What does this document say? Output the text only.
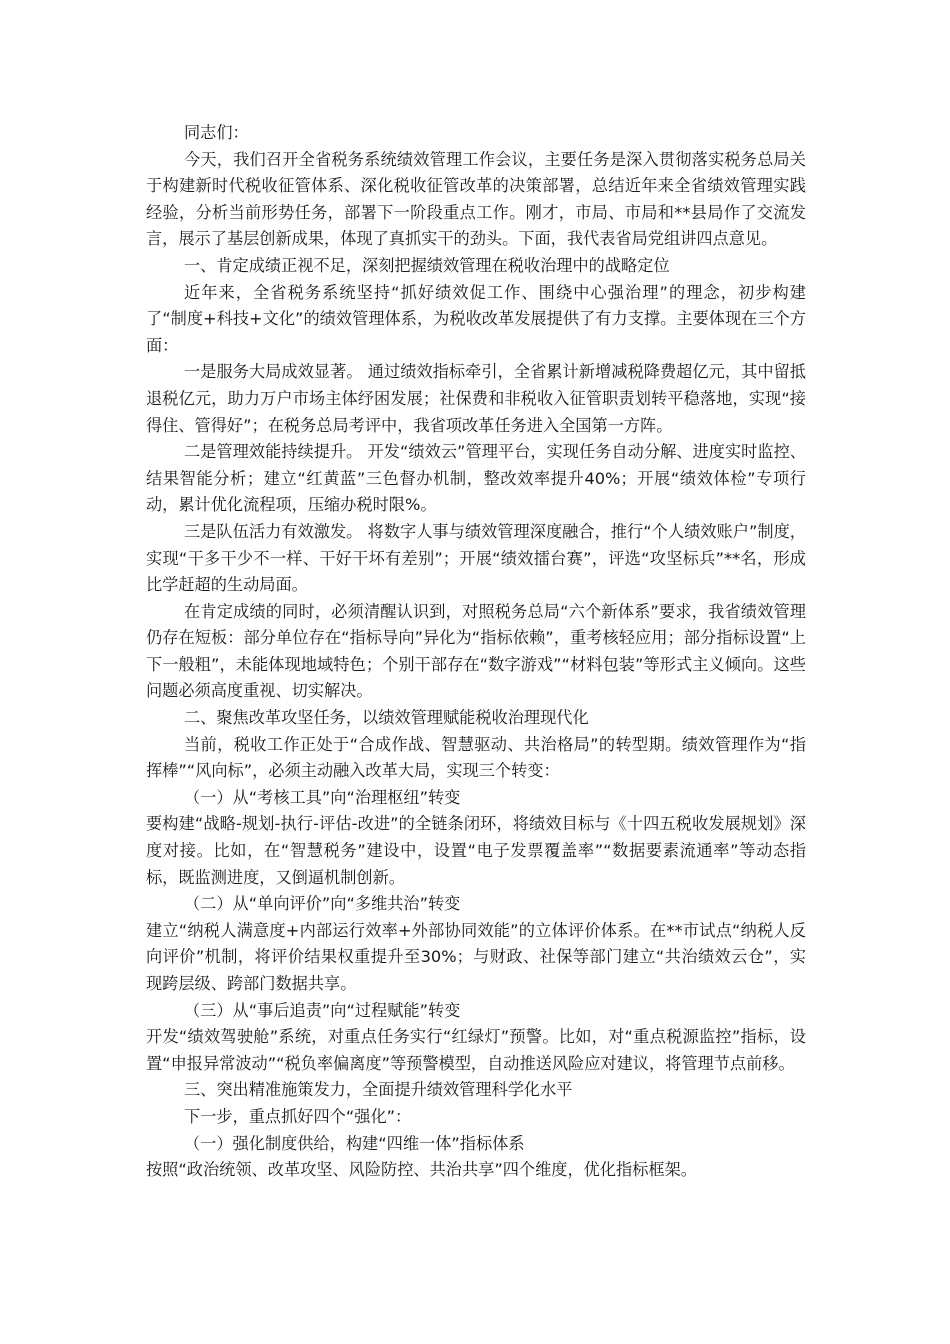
同志们：

今天，我们召开全省税务系统绩效管理工作会议，主要任务是深入贯彻落实税务总局关于构建新时代税收征管体系、深化税收征管改革的决策部署，总结近年来全省绩效管理实践经验，分析当前形势任务，部署下一阶段重点工作。刚才，市局、市局和**县局作了交流发言，展示了基层创新成果，体现了真抓实干的劲头。下面，我代表省局党组讲四点意见。

一、肯定成绩正视不足，深刻把握绩效管理在税收治理中的战略定位

近年来，全省税务系统坚持“抓好绩效促工作、围绕中心强治理”的理念，初步构建了“制度+科技+文化”的绩效管理体系，为税收改革发展提供了有力支撑。主要体现在三个方面：

一是服务大局成效显著。 通过绩效指标牵引，全省累计新增减税降费超亿元，其中留抵退税亿元，助力万户市场主体纾困发展；社保费和非税收入征管职责划转平稳落地，实现“接得住、管得好”；在税务总局考评中，我省项改革任务进入全国第一方阵。

二是管理效能持续提升。 开发“绩效云”管理平台，实现任务自动分解、进度实时监控、结果智能分析；建立“红黄蓝”三色督办机制，整改效率提升40%；开展“绩效体检”专项行动，累计优化流程项，压缩办税时限%。

三是队伍活力有效激发。 将数字人事与绩效管理深度融合，推行“个人绩效账户”制度，实现“干多干少不一样、干好干坏有差别”；开展“绩效擂台赛”，评选“攻坚标兵”**名，形成比学赶超的生动局面。

在肯定成绩的同时，必须清醒认识到，对照税务总局“六个新体系”要求，我省绩效管理仍存在短板：部分单位存在“指标导向”异化为“指标依赖”，重考核轻应用；部分指标设置“上下一般粗”，未能体现地域特色；个别干部存在“数字游戏”“材料包装”等形式主义倾向。这些问题必须高度重视、切实解决。

二、聚焦改革攻坚任务，以绩效管理赋能税收治理现代化

当前，税收工作正处于“合成作战、智慧驱动、共治格局”的转型期。绩效管理作为“指挥棒”“风向标”，必须主动融入改革大局，实现三个转变：

（一）从“考核工具”向“治理枢纽”转变

要构建“战略-规划-执行-评估-改进”的全链条闭环，将绩效目标与《十四五税收发展规划》深度对接。比如，在“智慧税务”建设中，设置“电子发票覆盖率”“数据要素流通率”等动态指标，既监测进度，又倒逼机制创新。

（二）从“单向评价”向“多维共治”转变

建立“纳税人满意度+内部运行效率+外部协同效能”的立体评价体系。在**市试点“纳税人反向评价”机制，将评价结果权重提升至30%；与财政、社保等部门建立“共治绩效云仓”，实现跨层级、跨部门数据共享。

（三）从“事后追责”向“过程赋能”转变

开发“绩效驾驶舱”系统，对重点任务实行“红绿灯”预警。比如，对“重点税源监控”指标，设置“申报异常波动”“税负率偏离度”等预警模型，自动推送风险应对建议，将管理节点前移。

三、突出精准施策发力，全面提升绩效管理科学化水平

下一步，重点抓好四个“强化”：

（一）强化制度供给，构建“四维一体”指标体系

按照“政治统领、改革攻坚、风险防控、共治共享”四个维度，优化指标框架。
